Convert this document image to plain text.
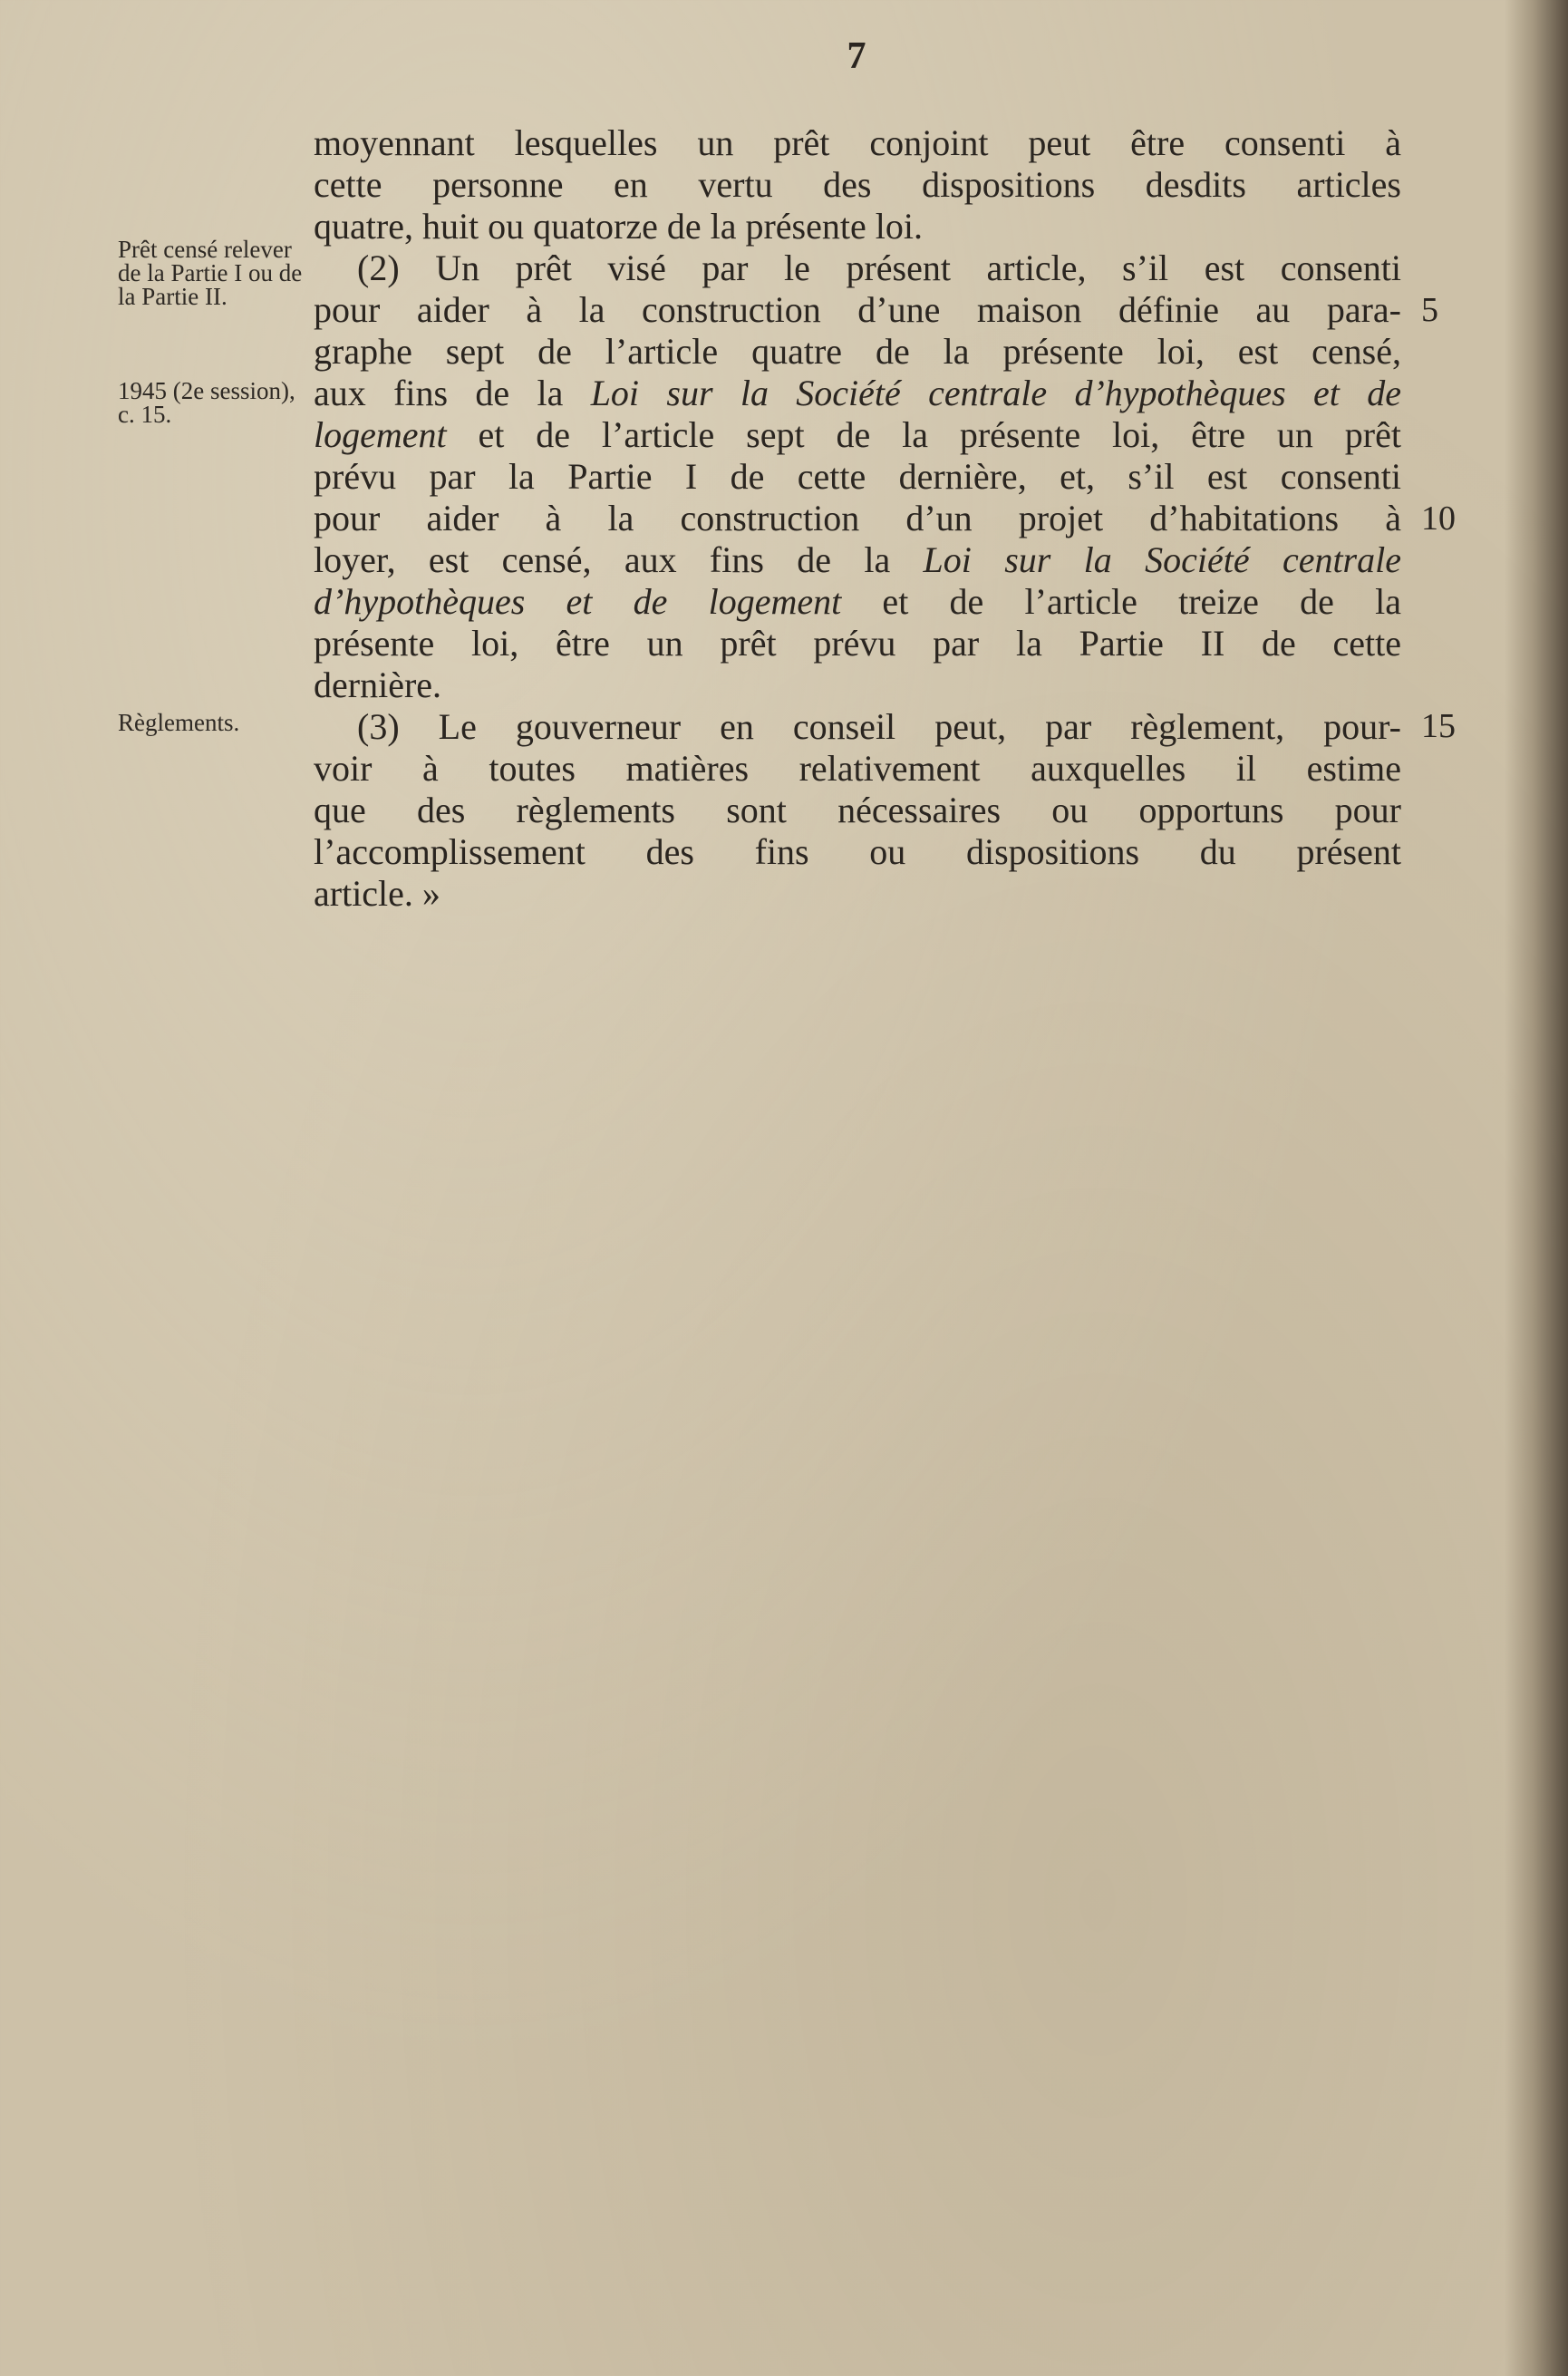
7
Prêt censé relever de la Partie I ou de la Partie II.
1945 (2e session), c. 15.
Règlements.
moyennant lesquelles un prêt conjoint peut être consenti à
cette personne en vertu des dispositions desdits articles
quatre, huit ou quatorze de la présente loi.
(2) Un prêt visé par le présent article, s’il est consenti
pour aider à la construction d’une maison définie au para-
graphe sept de l’article quatre de la présente loi, est censé,
aux fins de la Loi sur la Société centrale d’hypothèques et de
logement et de l’article sept de la présente loi, être un prêt
prévu par la Partie I de cette dernière, et, s’il est consenti
pour aider à la construction d’un projet d’habitations à
loyer, est censé, aux fins de la Loi sur la Société centrale
d’hypothèques et de logement et de l’article treize de la
présente loi, être un prêt prévu par la Partie II de cette
dernière.
(3) Le gouverneur en conseil peut, par règlement, pour-
voir à toutes matières relativement auxquelles il estime
que des règlements sont nécessaires ou opportuns pour
l’accomplissement des fins ou dispositions du présent
article. »
5
10
15
